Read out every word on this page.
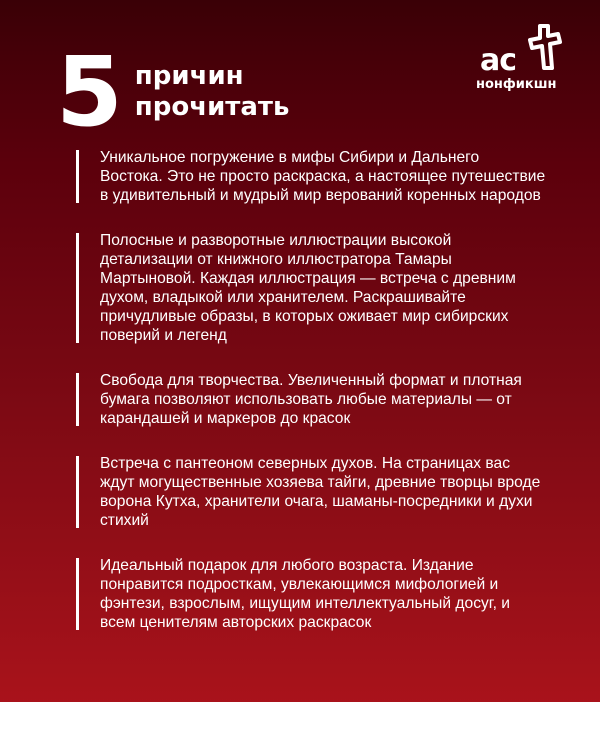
5 причин
прочитать
ас
нонфикшн
Уникальное погружение в мифы Сибири и Дальнего Востока. Это не просто раскраска, а настоящее путешествие в удивительный и мудрый мир верований коренных народов
Полосные и разворотные иллюстрации высокой детализации от книжного иллюстратора Тамары Мартыновой. Каждая иллюстрация — встреча с древним духом, владыкой или хранителем. Раскрашивайте причудливые образы, в которых оживает мир сибирских поверий и легенд
Свобода для творчества. Увеличенный формат и плотная бумага позволяют использовать любые материалы — от карандашей и маркеров до красок
Встреча с пантеоном северных духов. На страницах вас ждут могущественные хозяева тайги, древние творцы вроде ворона Кутха, хранители очага, шаманы-посредники и духи стихий
Идеальный подарок для любого возраста. Издание понравится подросткам, увлекающимся мифологией и фэнтези, взрослым, ищущим интеллектуальный досуг, и всем ценителям авторских раскрасок
